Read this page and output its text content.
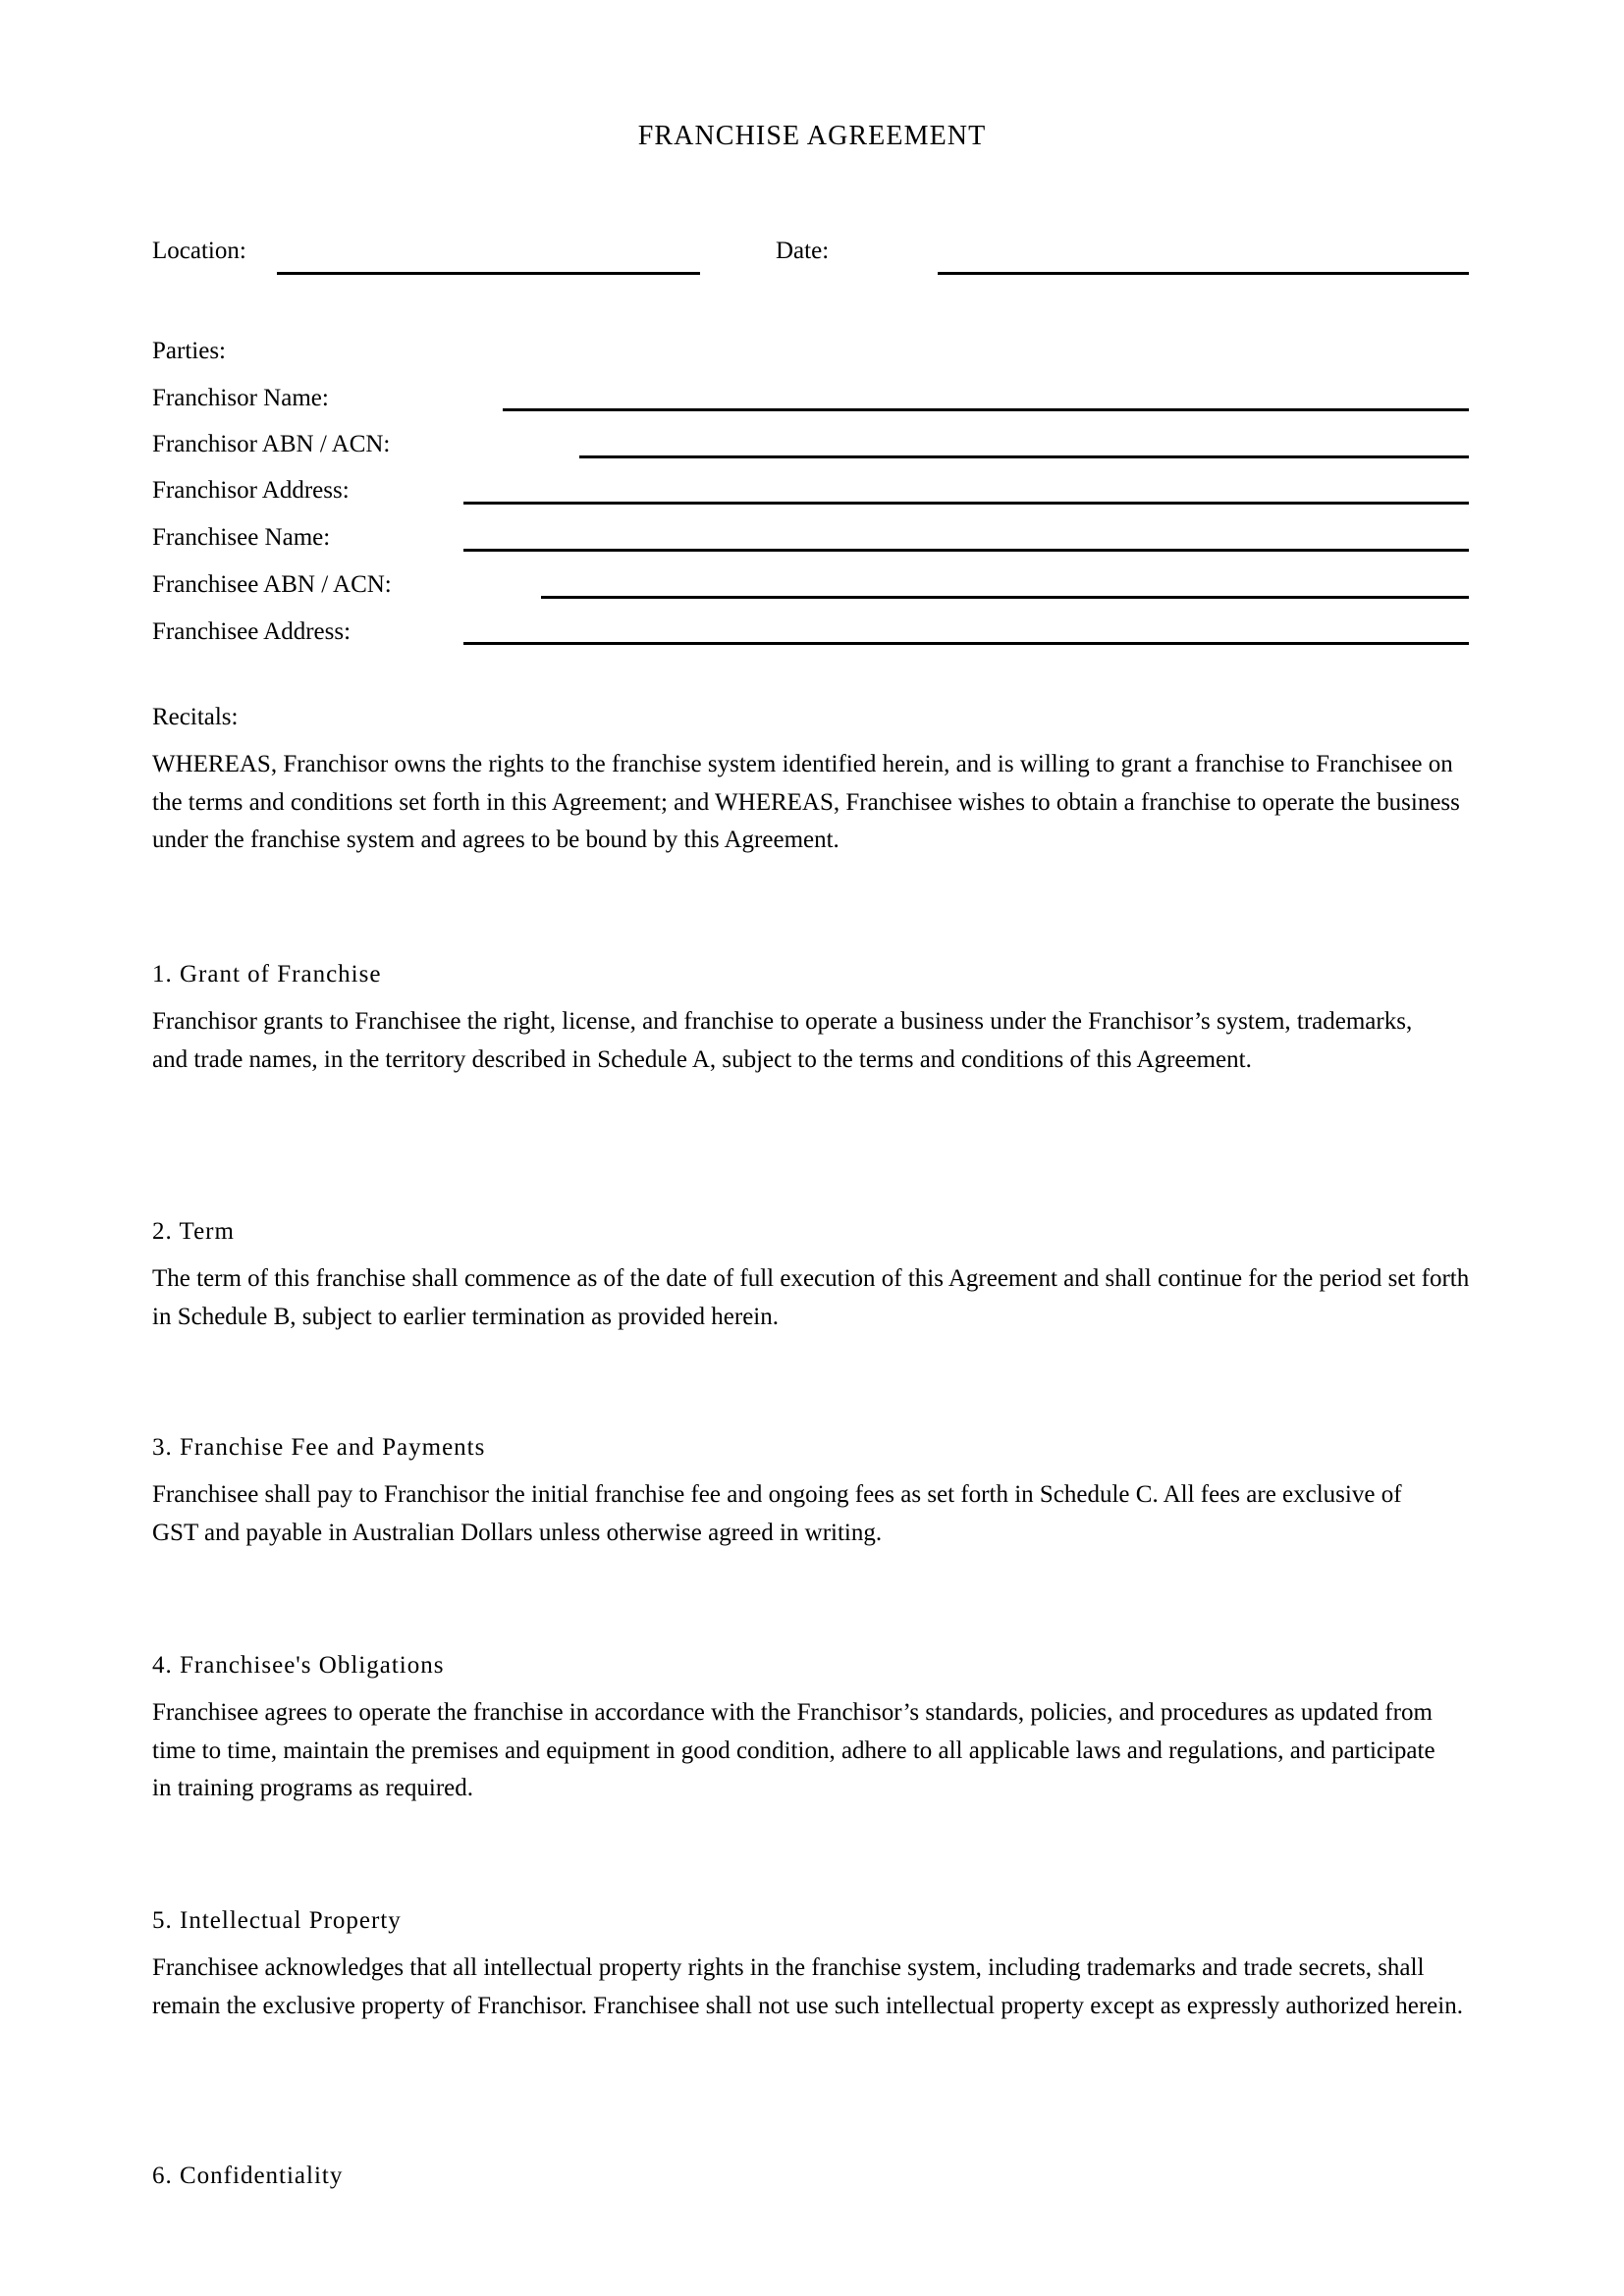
FRANCHISE AGREEMENT
Location:	Date:
Parties:
Franchisor Name:
Franchisor ABN / ACN:
Franchisor Address:
Franchisee Name:
Franchisee ABN / ACN:
Franchisee Address:
Recitals:
WHEREAS, Franchisor owns the rights to the franchise system identified herein, and is willing to grant a franchise to Franchisee on the terms and conditions set forth in this Agreement; and WHEREAS, Franchisee wishes to obtain a franchise to operate the business under the franchise system and agrees to be bound by this Agreement.
1. Grant of Franchise
Franchisor grants to Franchisee the right, license, and franchise to operate a business under the Franchisor’s system, trademarks, and trade names, in the territory described in Schedule A, subject to the terms and conditions of this Agreement.
2. Term
The term of this franchise shall commence as of the date of full execution of this Agreement and shall continue for the period set forth in Schedule B, subject to earlier termination as provided herein.
3. Franchise Fee and Payments
Franchisee shall pay to Franchisor the initial franchise fee and ongoing fees as set forth in Schedule C. All fees are exclusive of GST and payable in Australian Dollars unless otherwise agreed in writing.
4. Franchisee's Obligations
Franchisee agrees to operate the franchise in accordance with the Franchisor’s standards, policies, and procedures as updated from time to time, maintain the premises and equipment in good condition, adhere to all applicable laws and regulations, and participate in training programs as required.
5. Intellectual Property
Franchisee acknowledges that all intellectual property rights in the franchise system, including trademarks and trade secrets, shall remain the exclusive property of Franchisor. Franchisee shall not use such intellectual property except as expressly authorized herein.
6. Confidentiality
